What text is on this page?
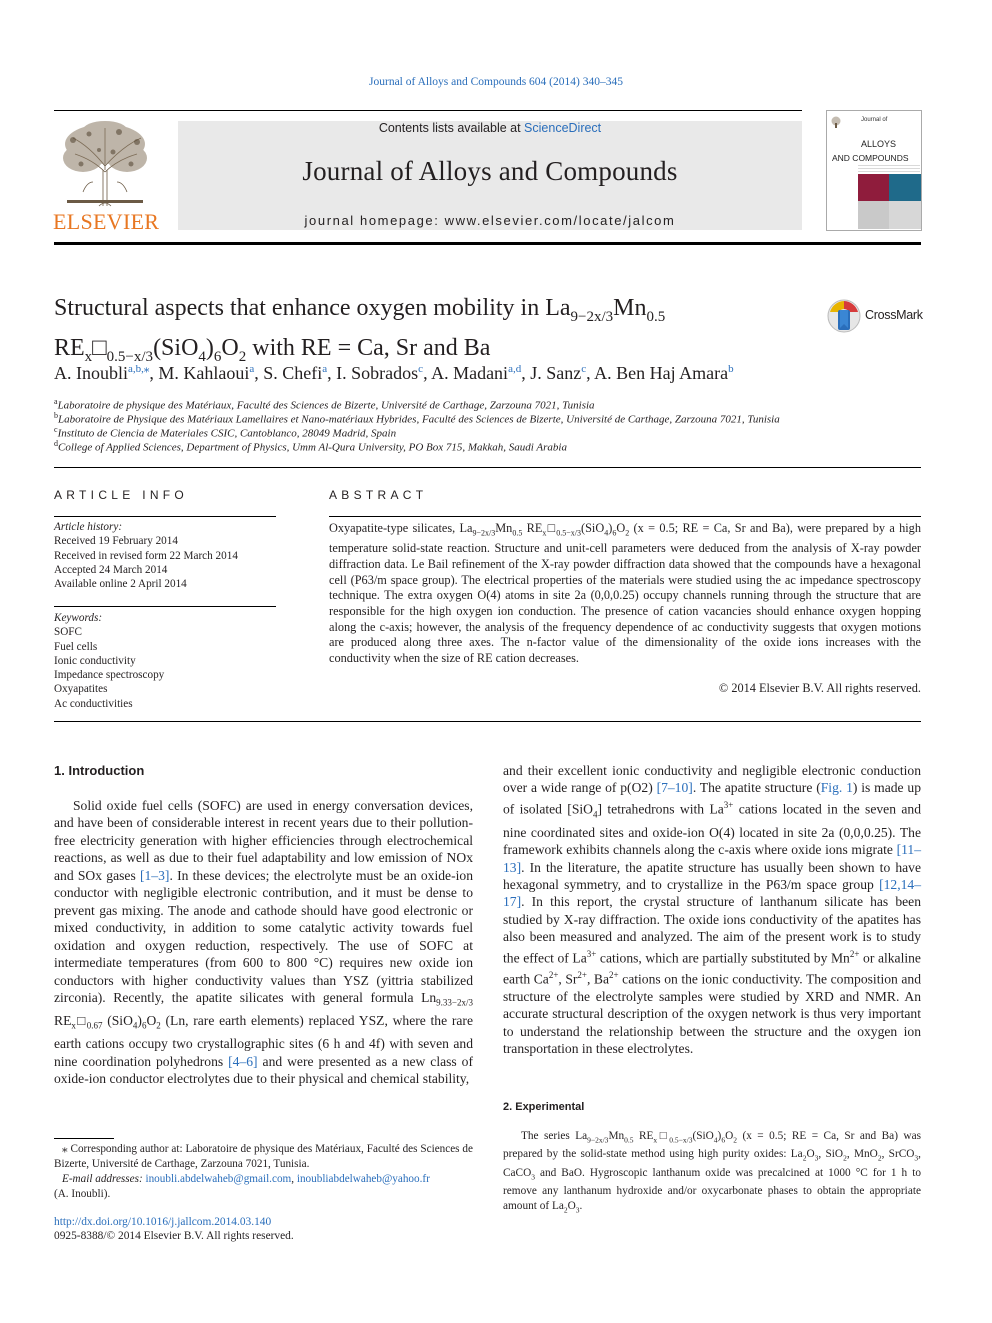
Journal of Alloys and Compounds 604 (2014) 340–345
ELSEVIER
Contents lists available at ScienceDirect
Journal of Alloys and Compounds
journal homepage: www.elsevier.com/locate/jalcom
Journal of
ALLOYS
AND COMPOUNDS
Structural aspects that enhance oxygen mobility in $La_{9-2x/3}Mn_{0.5}$
$RE_x□_{0.5-x/3}(SiO_4)_6O_2$ with RE = Ca, Sr and Ba
CrossMark
A. Inoubli$^{a,b,⁎}$, M. Kahlaoui$^a$, S. Chefi$^a$, I. Sobrados$^c$, A. Madani$^{a,d}$, J. Sanz$^c$, A. Ben Haj Amara$^b$
$^a$Laboratoire de physique des Matériaux, Faculté des Sciences de Bizerte, Université de Carthage, Zarzouna 7021, Tunisia
$^b$Laboratoire de Physique des Matériaux Lamellaires et Nano-matériaux Hybrides, Faculté des Sciences de Bizerte, Université de Carthage, Zarzouna 7021, Tunisia
$^c$Instituto de Ciencia de Materiales CSIC, Cantoblanco, 28049 Madrid, Spain
$^d$College of Applied Sciences, Department of Physics, Umm Al-Qura University, PO Box 715, Makkah, Saudi Arabia
ARTICLE INFO
Article history:
Received 19 February 2014
Received in revised form 22 March 2014
Accepted 24 March 2014
Available online 2 April 2014
Keywords:
SOFC
Fuel cells
Ionic conductivity
Impedance spectroscopy
Oxyapatites
Ac conductivities
ABSTRACT
Oxyapatite-type silicates, $La_{9-2x/3}Mn_{0.5}$ $RE_x□_{0.5-x/3}(SiO_4)_6O_2$ (x = 0.5; RE = Ca, Sr and Ba), were prepared by a high temperature solid-state reaction. Structure and unit-cell parameters were deduced from the analysis of X-ray powder diffraction data. Le Bail refinement of the X-ray powder diffraction data showed that the compounds have a hexagonal cell (P63/m space group). The electrical properties of the materials were studied using the ac impedance spectroscopy technique. The extra oxygen O(4) atoms in site 2a (0,0,0.25) occupy channels running through the structure that are responsible for the high oxygen ion conduction. The presence of cation vacancies should enhance oxygen hopping along the c-axis; however, the analysis of the frequency dependence of ac conductivity suggests that oxygen motions are produced along three axes. The n-factor value of the dimensionality of the oxide ions increases with the conductivity when the size of RE cation decreases.
© 2014 Elsevier B.V. All rights reserved.
1. Introduction
Solid oxide fuel cells (SOFC) are used in energy conversation devices, and have been of considerable interest in recent years due to their pollution-free electricity generation with higher efficiencies through electrochemical reactions, as well as due to their fuel adaptability and low emission of NOx and SOx gases [1–3]. In these devices; the electrolyte must be an oxide-ion conductor with negligible electronic contribution, and it must be dense to prevent gas mixing. The anode and cathode should have good electronic or mixed conductivity, in addition to some catalytic activity towards fuel oxidation and oxygen reduction, respectively. The use of SOFC at intermediate temperatures (from 600 to 800 °C) requires new oxide ion conductors with higher conductivity values than YSZ (yittria stabilized zirconia). Recently, the apatite silicates with general formula $Ln_{9.33-2x/3}$ $RE_x□_{0.67}$ $(SiO_4)_6O_2$ (Ln, rare earth elements) replaced YSZ, where the rare earth cations occupy two crystallographic sites (6 h and 4f) with seven and nine coordination polyhedrons [4–6] and were presented as a new class of oxide-ion conductor electrolytes due to their physical and chemical stability,
and their excellent ionic conductivity and negligible electronic conduction over a wide range of p(O2) [7–10]. The apatite structure (Fig. 1) is made up of isolated [SiO$_4$] tetrahedrons with $La^{3+}$ cations located in the seven and nine coordinated sites and oxide-ion O(4) located in site 2a (0,0,0.25). The framework exhibits channels along the c-axis where oxide ions migrate [11–13]. In the literature, the apatite structure has usually been shown to have hexagonal symmetry, and to crystallize in the P63/m space group [12,14–17]. In this report, the crystal structure of lanthanum silicate has been studied by X-ray diffraction. The oxide ions conductivity of the apatites has also been measured and analyzed. The aim of the present work is to study the effect of $La^{3+}$ cations, which are partially substituted by $Mn^{2+}$ or alkaline earth $Ca^{2+}$, $Sr^{2+}$, $Ba^{2+}$ cations on the ionic conductivity. The composition and structure of the electrolyte samples were studied by XRD and NMR. An accurate structural description of the oxygen network is thus very important to understand the relationship between the structure and the oxygen ion transportation in these electrolytes.
2. Experimental
The series $La_{9-2x/3}Mn_{0.5}$ $RE_x□_{0.5-x/3}(SiO_4)_6O_2$ (x = 0.5; RE = Ca, Sr and Ba) was prepared by the solid-state method using high purity oxides: $La_2O_3$, SiO$_2$, MnO$_2$, SrCO$_3$, CaCO$_3$ and BaO. Hygroscopic lanthanum oxide was precalcined at 1000 °C for 1 h to remove any lanthanum hydroxide and/or oxycarbonate phases to obtain the appropriate amount of $La_2O_3$.
⁎ Corresponding author at: Laboratoire de physique des Matériaux, Faculté des Sciences de Bizerte, Université de Carthage, Zarzouna 7021, Tunisia.
E-mail addresses: inoubli.abdelwaheb@gmail.com, inoubliabdelwaheb@yahoo.fr
(A. Inoubli).
http://dx.doi.org/10.1016/j.jallcom.2014.03.140
0925-8388/© 2014 Elsevier B.V. All rights reserved.
